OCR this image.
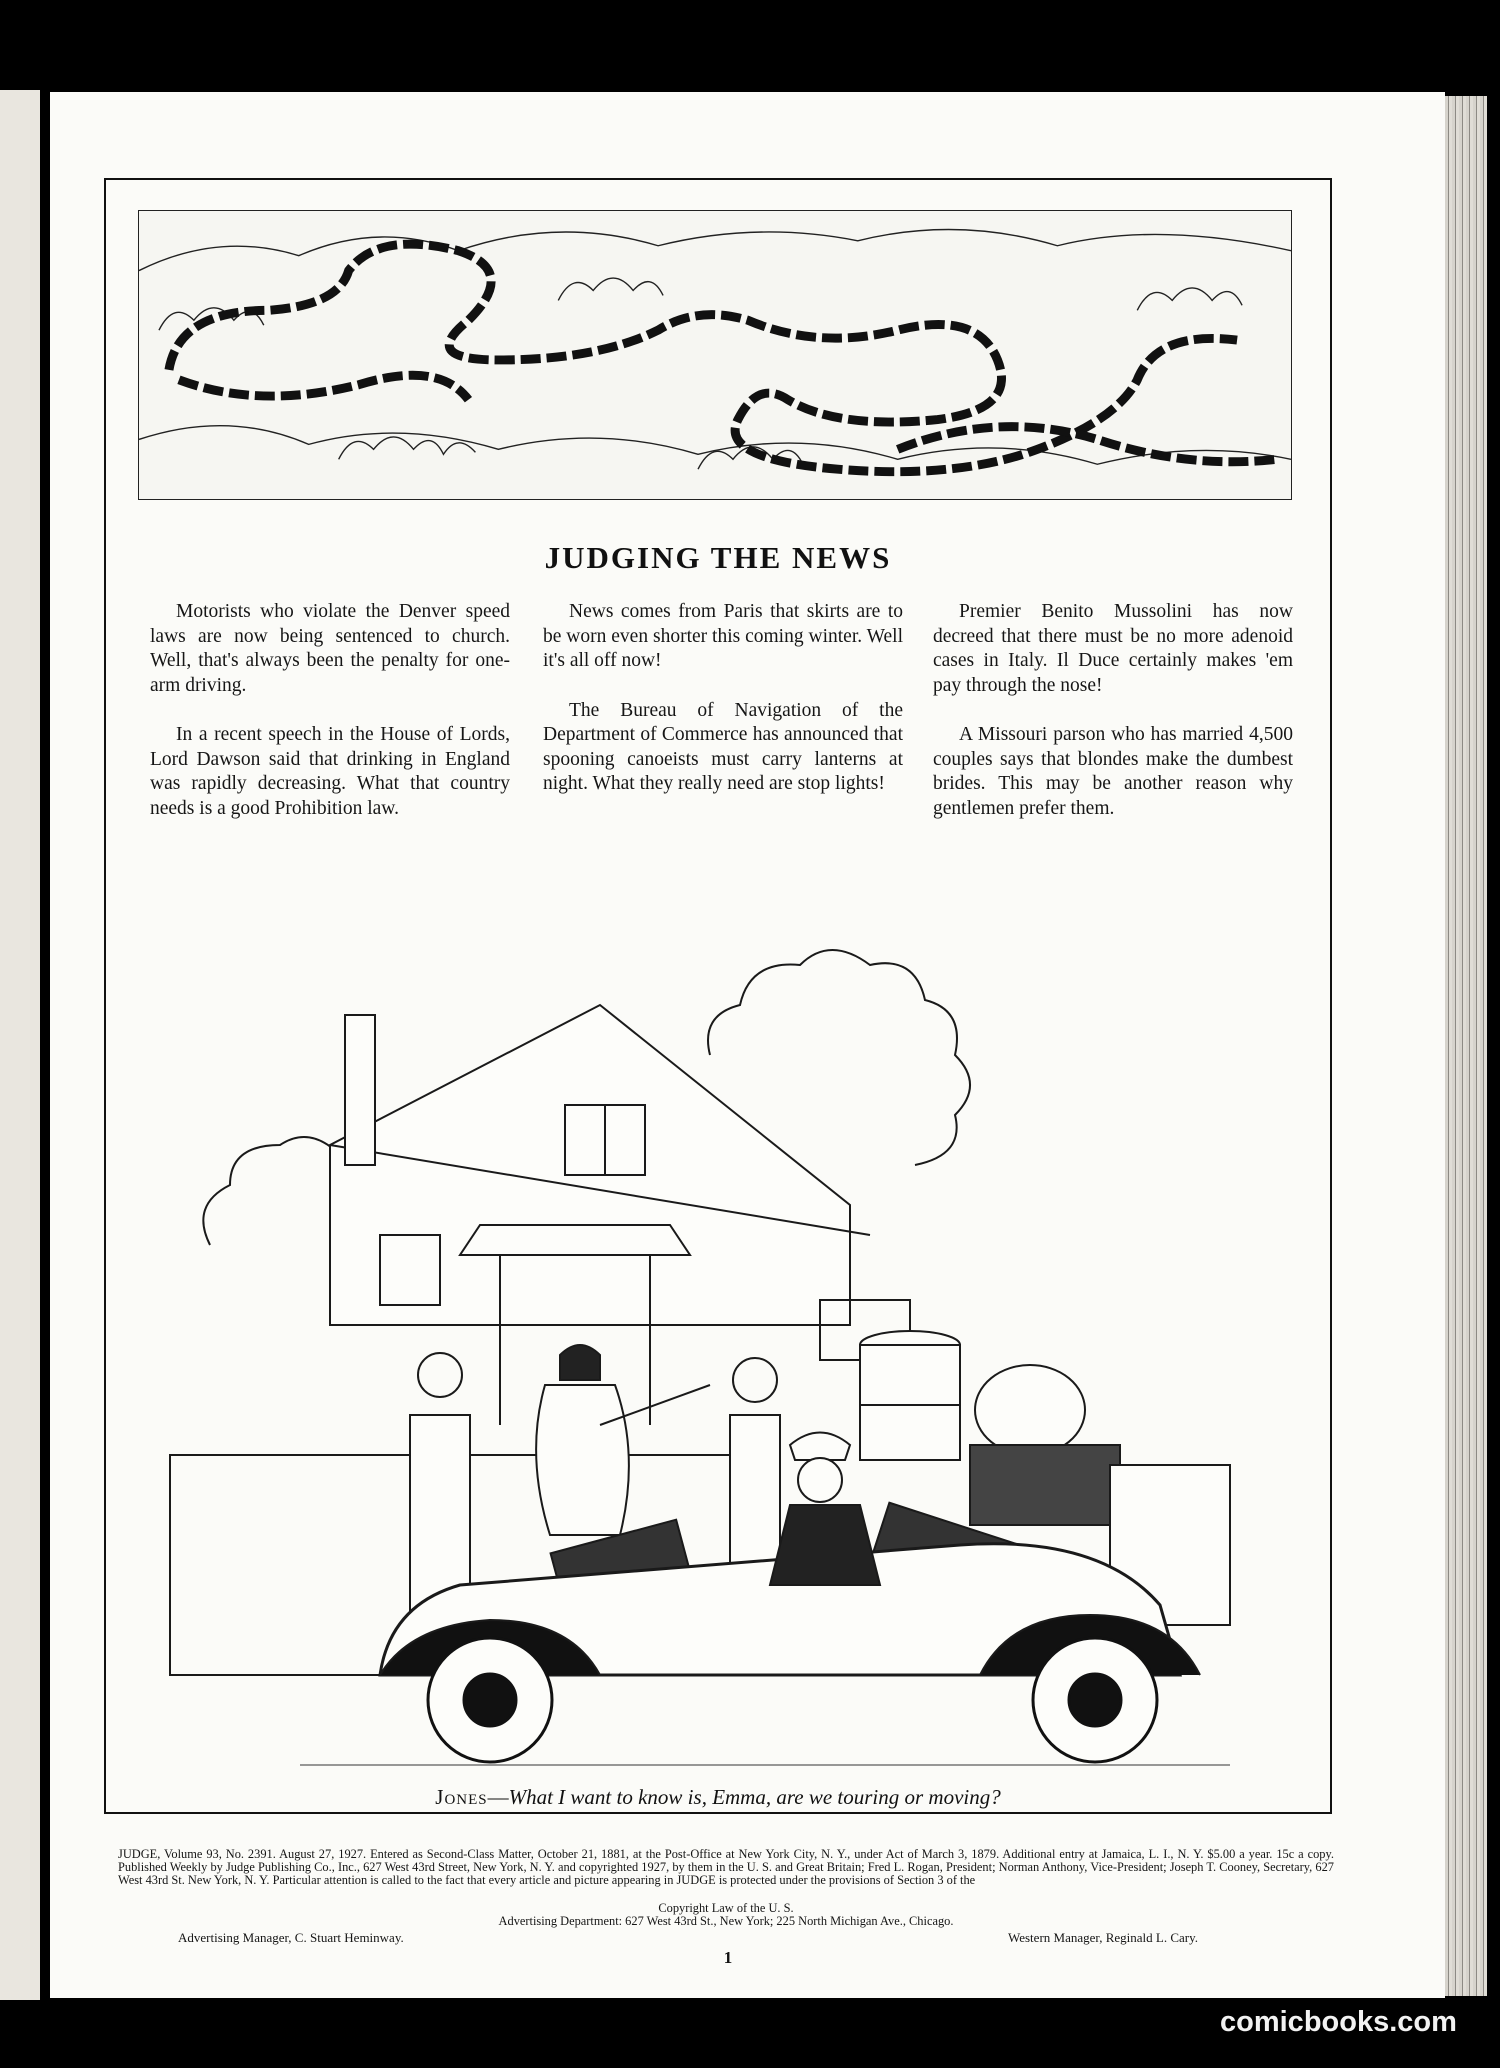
JUDGING THE NEWS

Motorists who violate the Denver speed laws are now being sentenced to church. Well, that's always been the penalty for one-arm driving.

In a recent speech in the House of Lords, Lord Dawson said that drinking in England was rapidly decreasing. What that country needs is a good Prohibition law.

News comes from Paris that skirts are to be worn even shorter this coming winter. Well it's all off now!

The Bureau of Navigation of the Department of Commerce has announced that spooning canoeists must carry lanterns at night. What they really need are stop lights!

Premier Benito Mussolini has now decreed that there must be no more adenoid cases in Italy. Il Duce certainly makes 'em pay through the nose!

A Missouri parson who has married 4,500 couples says that blondes make the dumbest brides. This may be another reason why gentlemen prefer them.

Jones—What I want to know is, Emma, are we touring or moving?

JUDGE, Volume 93, No. 2391. August 27, 1927. Entered as Second-Class Matter, October 21, 1881, at the Post-Office at New York City, N. Y., under Act of March 3, 1879. Additional entry at Jamaica, L. I., N. Y. $5.00 a year. 15c a copy. Published Weekly by Judge Publishing Co., Inc., 627 West 43rd Street, New York, N. Y. and copyrighted 1927, by them in the U. S. and Great Britain; Fred L. Rogan, President; Norman Anthony, Vice-President; Joseph T. Cooney, Secretary, 627 West 43rd St. New York, N. Y. Particular attention is called to the fact that every article and picture appearing in JUDGE is protected under the provisions of Section 3 of the

Copyright Law of the U. S.
Advertising Department: 627 West 43rd St., New York; 225 North Michigan Ave., Chicago.
Advertising Manager, C. Stuart Heminway.	Western Manager, Reginald L. Cary.
1
comicbooks.com
